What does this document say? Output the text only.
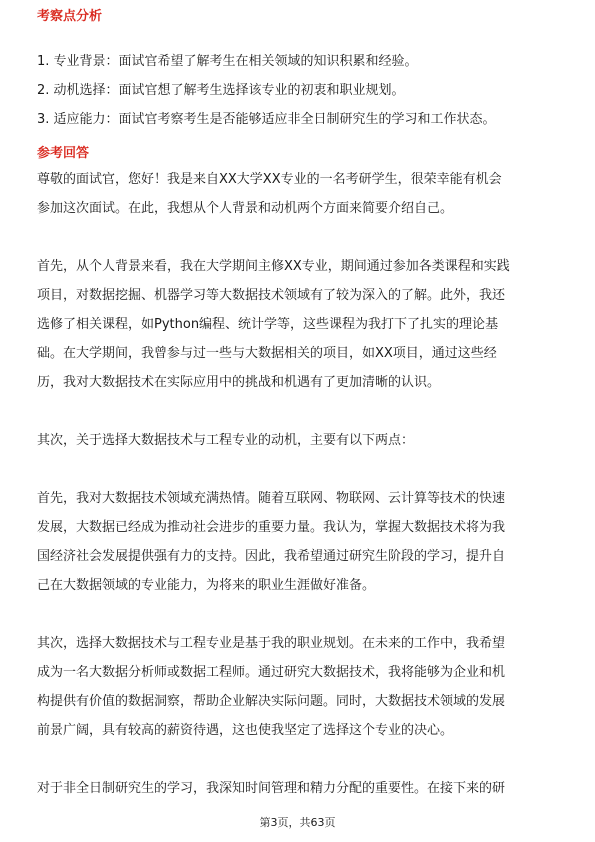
考察点分析
1. 专业背景：面试官希望了解考生在相关领域的知识积累和经验。
2. 动机选择：面试官想了解考生选择该专业的初衷和职业规划。
3. 适应能力：面试官考察考生是否能够适应非全日制研究生的学习和工作状态。
参考回答
尊敬的面试官，您好！我是来自XX大学XX专业的一名考研学生，很荣幸能有机会
参加这次面试。在此，我想从个人背景和动机两个方面来简要介绍自己。
首先，从个人背景来看，我在大学期间主修XX专业，期间通过参加各类课程和实践
项目，对数据挖掘、机器学习等大数据技术领域有了较为深入的了解。此外，我还
选修了相关课程，如Python编程、统计学等，这些课程为我打下了扎实的理论基
础。在大学期间，我曾参与过一些与大数据相关的项目，如XX项目，通过这些经
历，我对大数据技术在实际应用中的挑战和机遇有了更加清晰的认识。
其次，关于选择大数据技术与工程专业的动机，主要有以下两点：
首先，我对大数据技术领域充满热情。随着互联网、物联网、云计算等技术的快速
发展，大数据已经成为推动社会进步的重要力量。我认为，掌握大数据技术将为我
国经济社会发展提供强有力的支持。因此，我希望通过研究生阶段的学习，提升自
己在大数据领域的专业能力，为将来的职业生涯做好准备。
其次，选择大数据技术与工程专业是基于我的职业规划。在未来的工作中，我希望
成为一名大数据分析师或数据工程师。通过研究大数据技术，我将能够为企业和机
构提供有价值的数据洞察，帮助企业解决实际问题。同时，大数据技术领域的发展
前景广阔，具有较高的薪资待遇，这也使我坚定了选择这个专业的决心。
对于非全日制研究生的学习，我深知时间管理和精力分配的重要性。在接下来的研
第3页，共63页
